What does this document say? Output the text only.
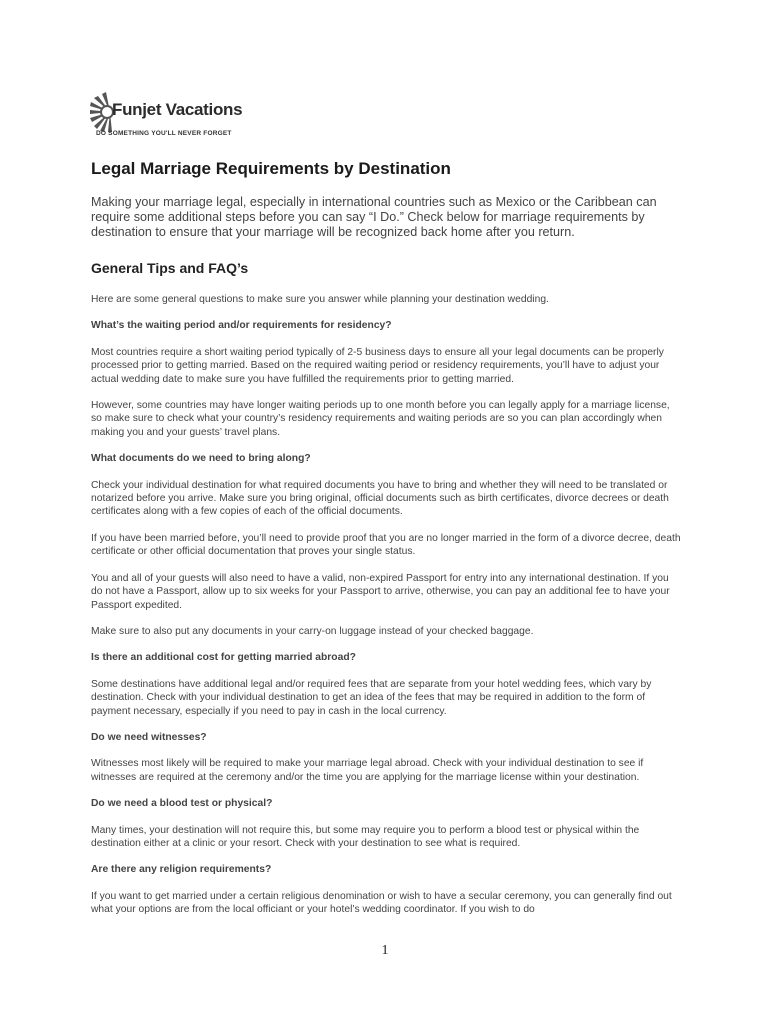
Funjet Vacations
DO SOMETHING YOU'LL NEVER FORGET
Legal Marriage Requirements by Destination

Making your marriage legal, especially in international countries such as Mexico or the Caribbean can require some additional steps before you can say “I Do.” Check below for marriage requirements by destination to ensure that your marriage will be recognized back home after you return.

General Tips and FAQ’s

Here are some general questions to make sure you answer while planning your destination wedding.

What’s the waiting period and/or requirements for residency?

Most countries require a short waiting period typically of 2-5 business days to ensure all your legal documents can be properly processed prior to getting married. Based on the required waiting period or residency requirements, you’ll have to adjust your actual wedding date to make sure you have fulfilled the requirements prior to getting married.

However, some countries may have longer waiting periods up to one month before you can legally apply for a marriage license, so make sure to check what your country’s residency requirements and waiting periods are so you can plan accordingly when making you and your guests’ travel plans.

What documents do we need to bring along?

Check your individual destination for what required documents you have to bring and whether they will need to be translated or notarized before you arrive. Make sure you bring original, official documents such as birth certificates, divorce decrees or death certificates along with a few copies of each of the official documents.

If you have been married before, you’ll need to provide proof that you are no longer married in the form of a divorce decree, death certificate or other official documentation that proves your single status.

You and all of your guests will also need to have a valid, non-expired Passport for entry into any international destination. If you do not have a Passport, allow up to six weeks for your Passport to arrive, otherwise, you can pay an additional fee to have your Passport expedited.

Make sure to also put any documents in your carry-on luggage instead of your checked baggage.

Is there an additional cost for getting married abroad?

Some destinations have additional legal and/or required fees that are separate from your hotel wedding fees, which vary by destination. Check with your individual destination to get an idea of the fees that may be required in addition to the form of payment necessary, especially if you need to pay in cash in the local currency.

Do we need witnesses?

Witnesses most likely will be required to make your marriage legal abroad. Check with your individual destination to see if witnesses are required at the ceremony and/or the time you are applying for the marriage license within your destination.

Do we need a blood test or physical?

Many times, your destination will not require this, but some may require you to perform a blood test or physical within the destination either at a clinic or your resort. Check with your destination to see what is required.

Are there any religion requirements?

If you want to get married under a certain religious denomination or wish to have a secular ceremony, you can generally find out what your options are from the local officiant or your hotel’s wedding coordinator. If you wish to do

1
